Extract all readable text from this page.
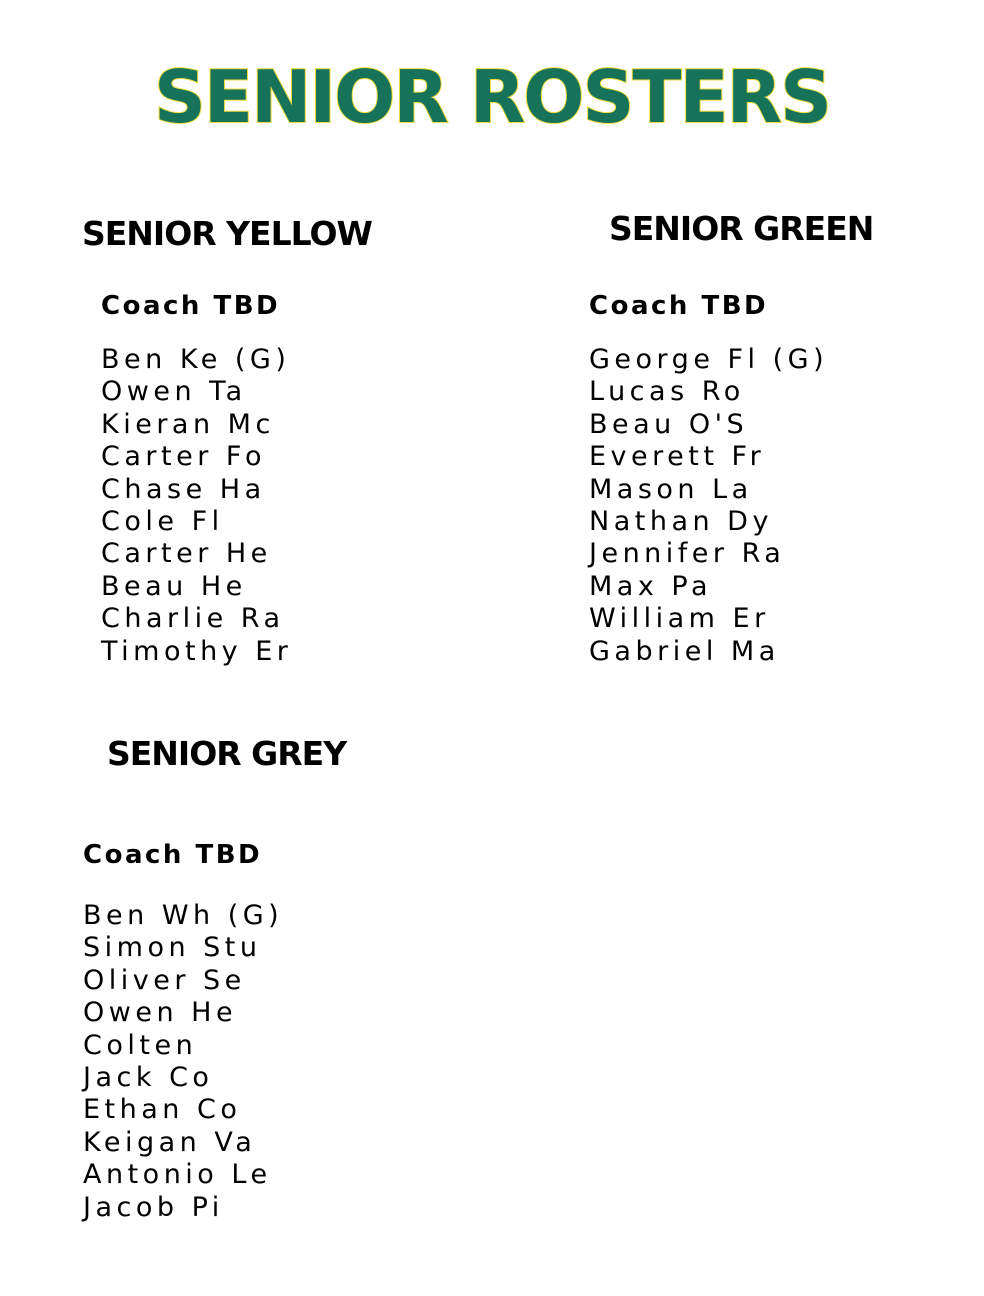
SENIOR ROSTERS
SENIOR YELLOW
Coach TBD
Ben Ke (G)
Owen Ta
Kieran Mc
Carter Fo
Chase Ha
Cole Fl
Carter He
Beau He
Charlie Ra
Timothy Er
SENIOR GREEN
Coach TBD
George Fl (G)
Lucas Ro
Beau O'S
Everett Fr
Mason La
Nathan Dy
Jennifer Ra
Max Pa
William Er
Gabriel Ma
SENIOR GREY
Coach TBD
Ben Wh (G)
Simon Stu
Oliver Se
Owen He
Colten
Jack Co
Ethan Co
Keigan Va
Antonio Le
Jacob Pi
